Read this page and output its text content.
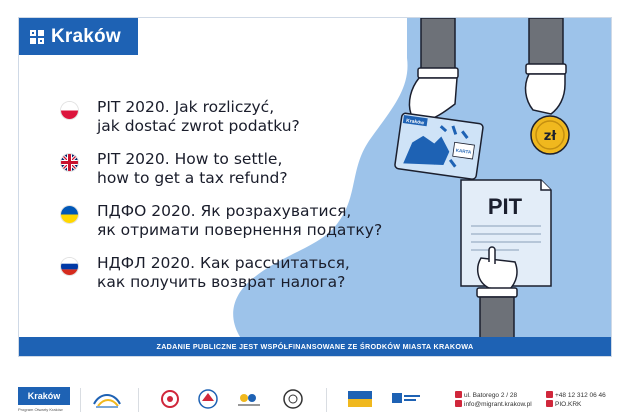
Kraków
PIT 2020. Jak rozliczyć,
jak dostać zwrot podatku?
PIT 2020. How to settle,
how to get a tax refund?
ПДФО 2020. Як розрахуватися,
як отримати повернення податку?
НДФЛ 2020. Как рассчитаться,
как получить возврат налога?
Kraków
KARTA
zł
PIT
ZADANIE PUBLICZNE JEST WSPÓŁFINANSOWANE ZE ŚRODKÓW MIASTA KRAKOWA
Kraków
Program Otwarty Kraków
ul. Batorego 2 / 28
info@migrant.krakow.pl
+48 12 312 06 46
PIO.KRK
